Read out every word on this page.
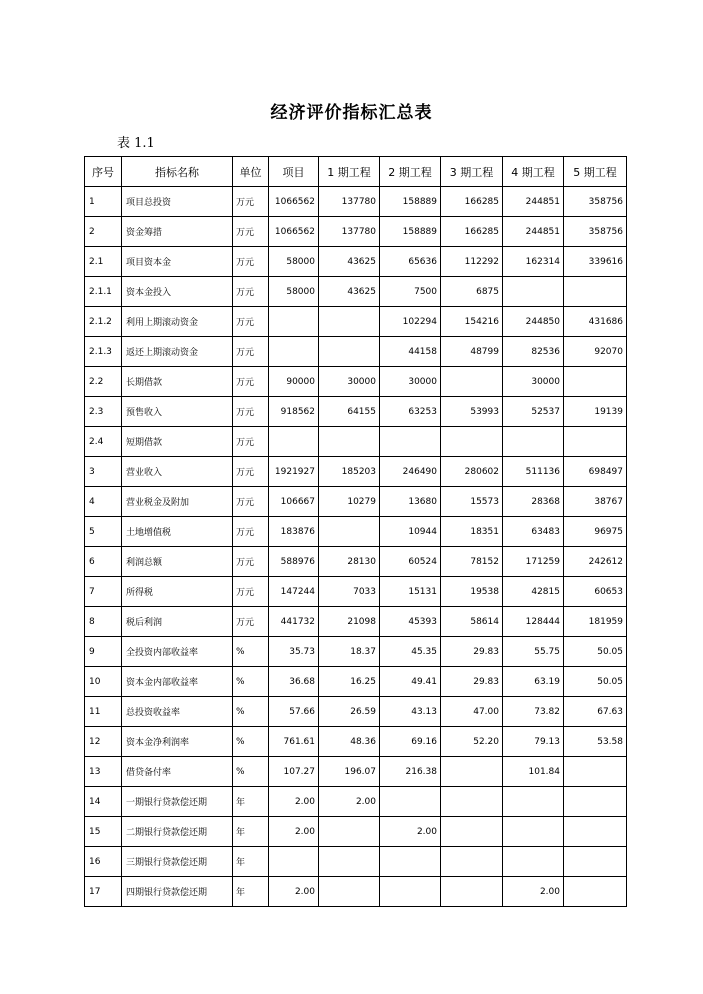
经济评价指标汇总表
表 1.1
序号	指标名称	单位	项目	1 期工程	2 期工程	3 期工程	4 期工程	5 期工程
1	项目总投资	万元	1066562	137780	158889	166285	244851	358756
2	资金筹措	万元	1066562	137780	158889	166285	244851	358756
2.1	项目资本金	万元	58000	43625	65636	112292	162314	339616
2.1.1	资本金投入	万元	58000	43625	7500	6875		
2.1.2	利用上期滚动资金	万元			102294	154216	244850	431686
2.1.3	返还上期滚动资金	万元			44158	48799	82536	92070
2.2	长期借款	万元	90000	30000	30000		30000	
2.3	预售收入	万元	918562	64155	63253	53993	52537	19139
2.4	短期借款	万元						
3	营业收入	万元	1921927	185203	246490	280602	511136	698497
4	营业税金及附加	万元	106667	10279	13680	15573	28368	38767
5	土地增值税	万元	183876		10944	18351	63483	96975
6	利润总额	万元	588976	28130	60524	78152	171259	242612
7	所得税	万元	147244	7033	15131	19538	42815	60653
8	税后利润	万元	441732	21098	45393	58614	128444	181959
9	全投资内部收益率	%	35.73	18.37	45.35	29.83	55.75	50.05
10	资本金内部收益率	%	36.68	16.25	49.41	29.83	63.19	50.05
11	总投资收益率	%	57.66	26.59	43.13	47.00	73.82	67.63
12	资本金净利润率	%	761.61	48.36	69.16	52.20	79.13	53.58
13	借贷备付率	%	107.27	196.07	216.38		101.84	
14	一期银行贷款偿还期	年	2.00	2.00				
15	二期银行贷款偿还期	年	2.00		2.00			
16	三期银行贷款偿还期	年						
17	四期银行贷款偿还期	年	2.00				2.00	
